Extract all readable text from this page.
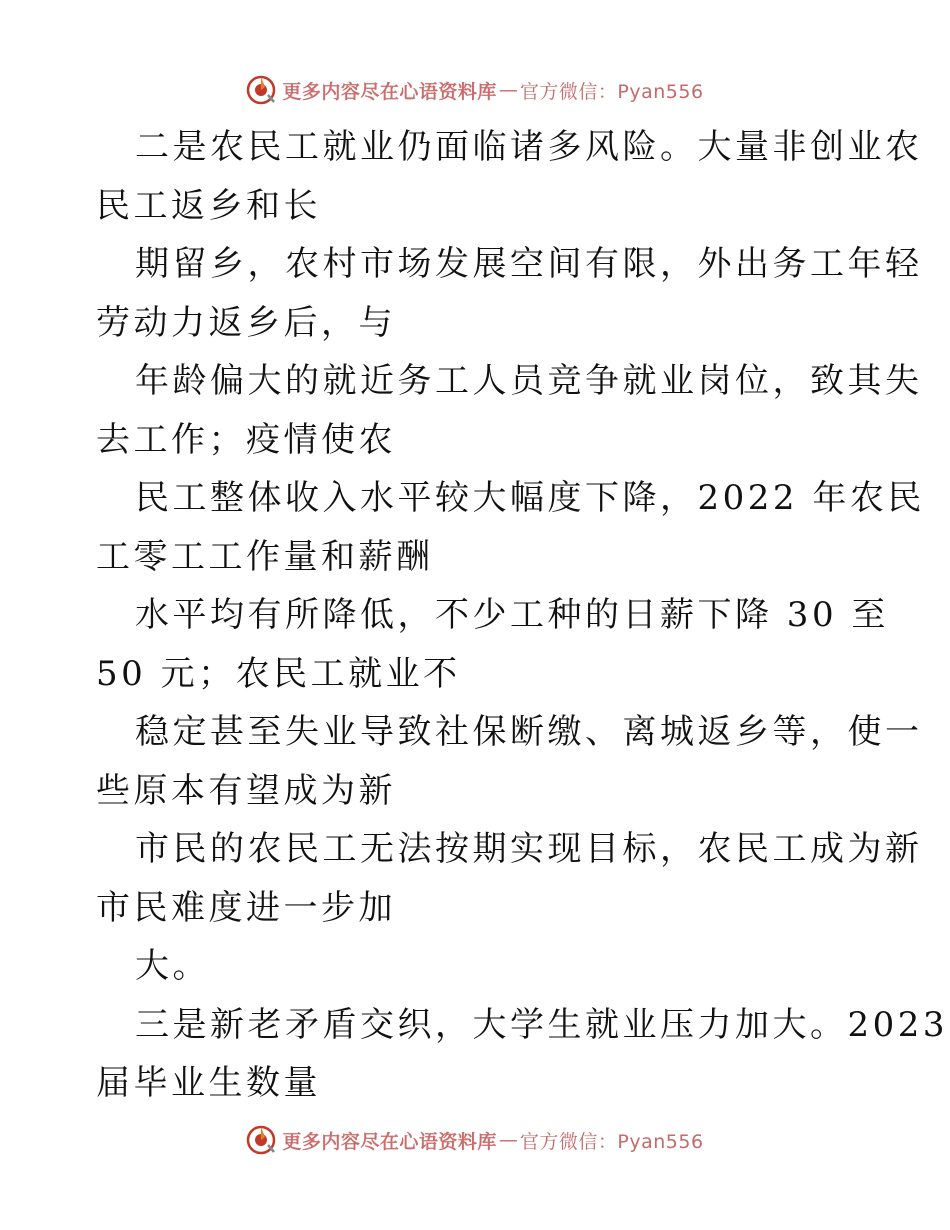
更多内容尽在心语资料库 — 官方微信：Pyan556
二是农民工就业仍面临诸多风险。大量非创业农
民工返乡和长
期留乡，农村市场发展空间有限，外出务工年轻
劳动力返乡后，与
年龄偏大的就近务工人员竞争就业岗位，致其失
去工作；疫情使农
民工整体收入水平较大幅度下降，2022 年农民
工零工工作量和薪酬
水平均有所降低，不少工种的日薪下降 30 至
50 元；农民工就业不
稳定甚至失业导致社保断缴、离城返乡等，使一
些原本有望成为新
市民的农民工无法按期实现目标，农民工成为新
市民难度进一步加
大。
三是新老矛盾交织，大学生就业压力加大。2023
届毕业生数量
更多内容尽在心语资料库 — 官方微信：Pyan556
